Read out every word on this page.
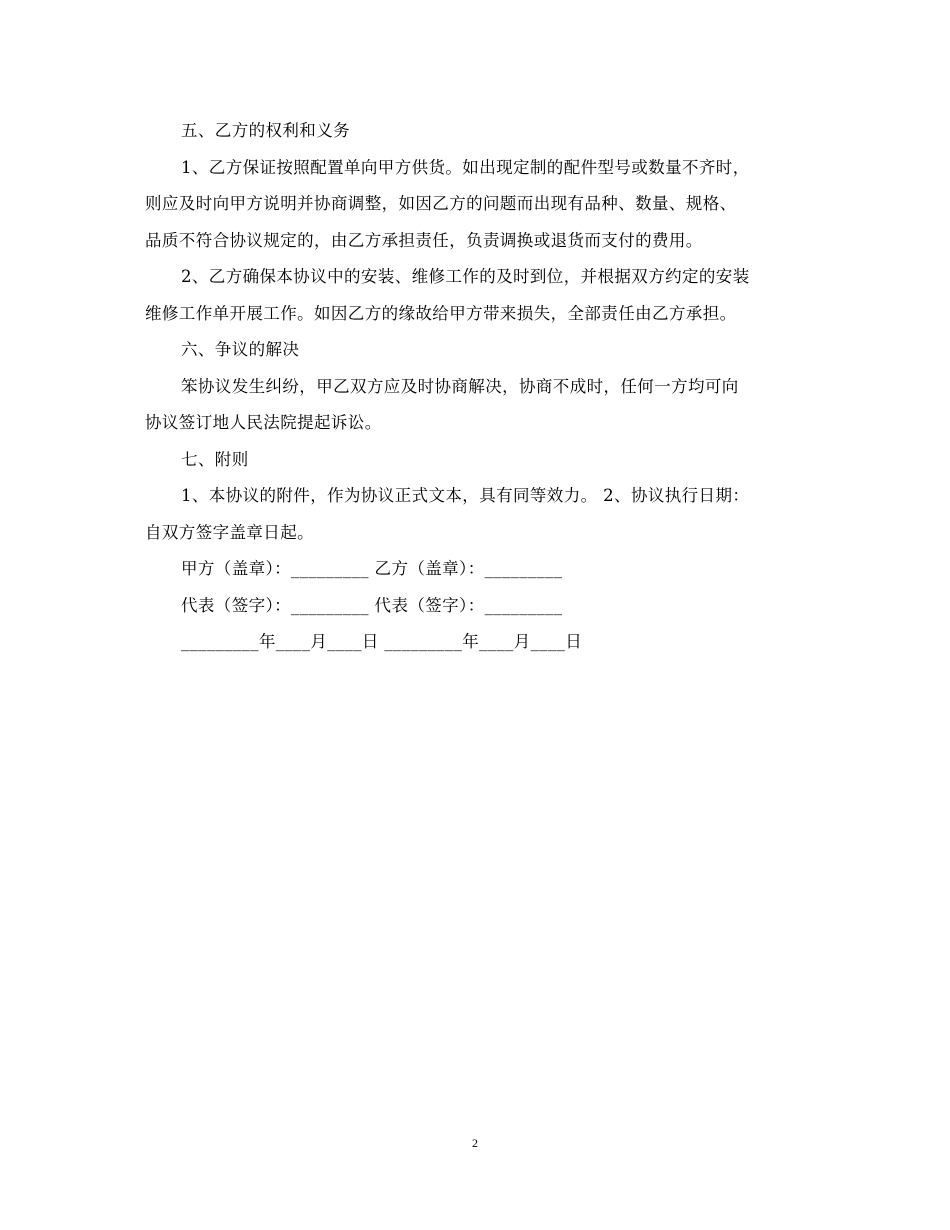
五、乙方的权利和义务
1、乙方保证按照配置单向甲方供货。如出现定制的配件型号或数量不齐时，
则应及时向甲方说明并协商调整，如因乙方的问题而出现有品种、数量、规格、
品质不符合协议规定的，由乙方承担责任，负责调换或退货而支付的费用。
2、乙方确保本协议中的安装、维修工作的及时到位，并根据双方约定的安装
维修工作单开展工作。如因乙方的缘故给甲方带来损失，全部责任由乙方承担。
六、争议的解决
笨协议发生纠纷，甲乙双方应及时协商解决，协商不成时，任何一方均可向
协议签订地人民法院提起诉讼。
七、附则
1、本协议的附件，作为协议正式文本，具有同等效力。 2、协议执行日期：
自双方签字盖章日起。
甲方（盖章）：_________ 乙方（盖章）：_________
代表（签字）：_________ 代表（签字）：_________
_________年____月____日 _________年____月____日
2
